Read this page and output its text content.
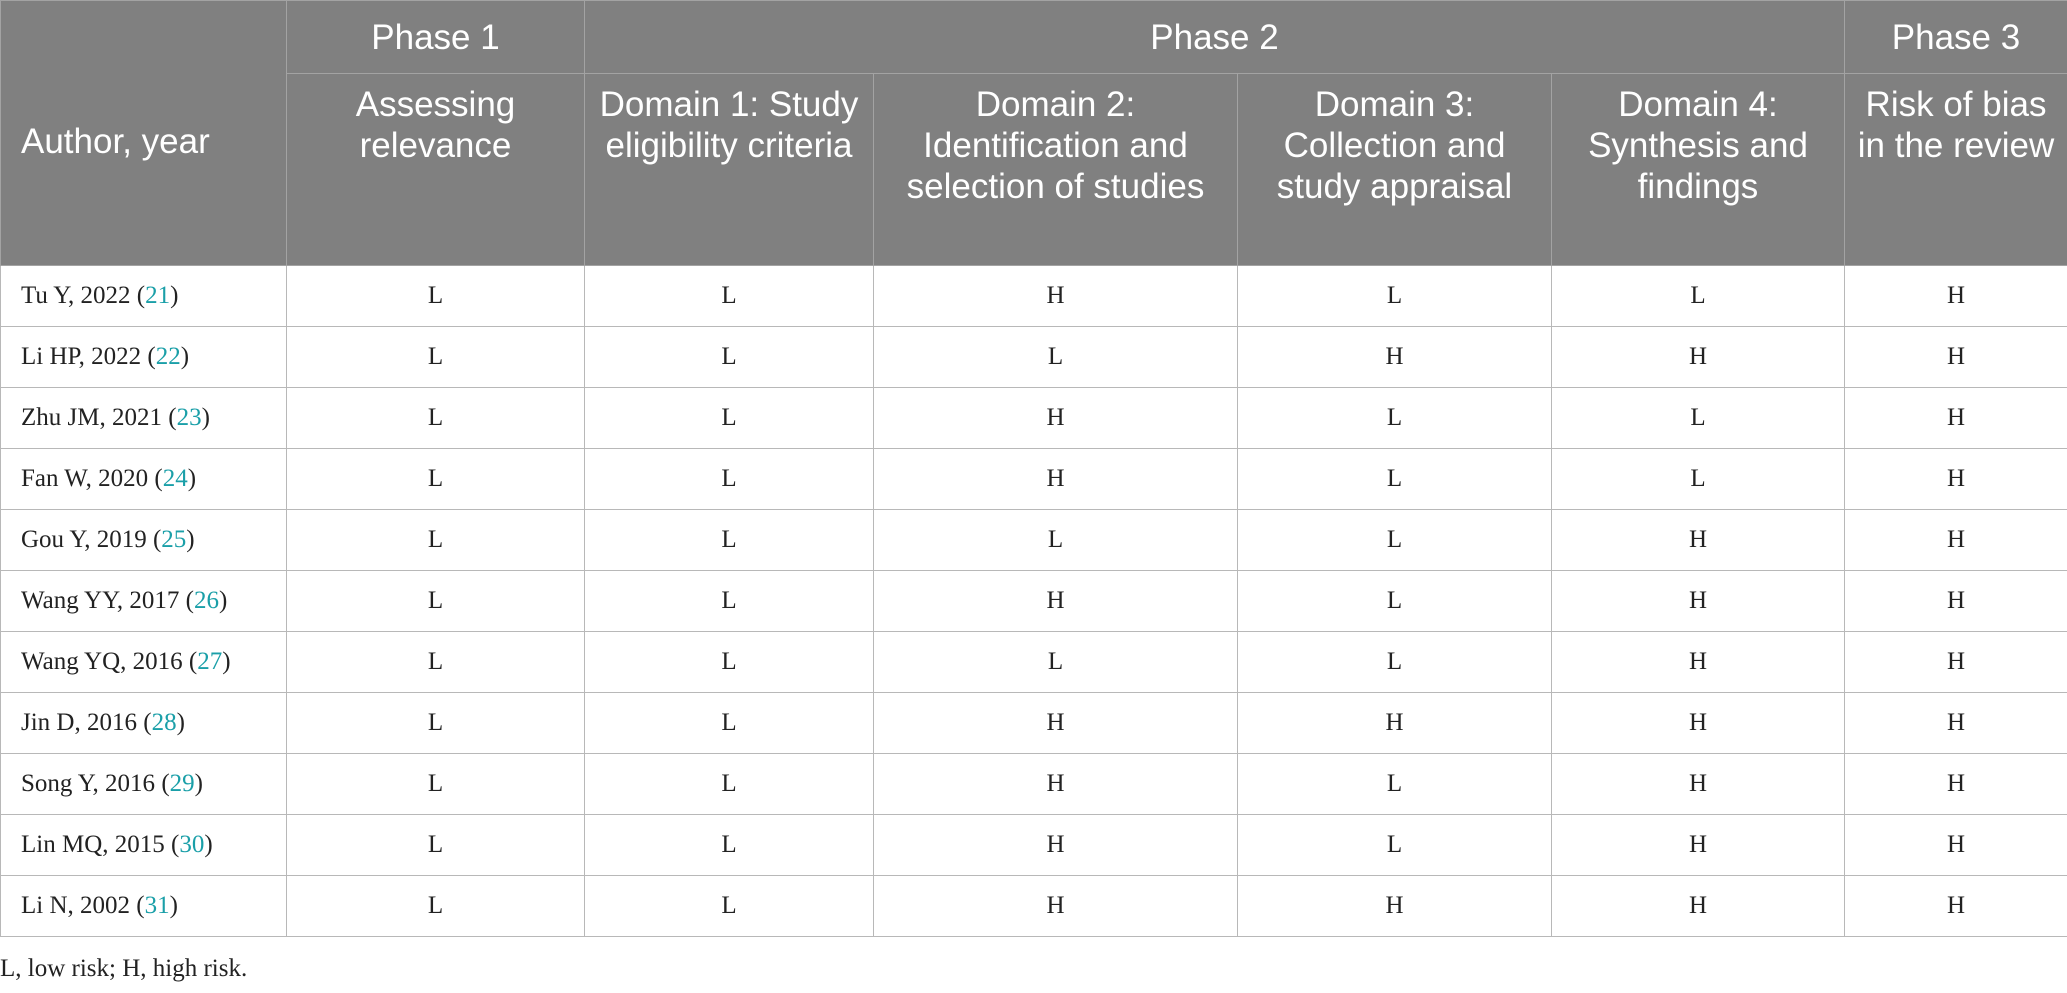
Author, year	Phase 1	Phase 2				Phase 3
	Assessing relevance	Domain 1: Study eligibility criteria	Domain 2: Identification and selection of studies	Domain 3: Collection and study appraisal	Domain 4: Synthesis and findings	Risk of bias in the review
Tu Y, 2022 (21)	L	L	H	L	L	H
Li HP, 2022 (22)	L	L	L	H	H	H
Zhu JM, 2021 (23)	L	L	H	L	L	H
Fan W, 2020 (24)	L	L	H	L	L	H
Gou Y, 2019 (25)	L	L	L	L	H	H
Wang YY, 2017 (26)	L	L	H	L	H	H
Wang YQ, 2016 (27)	L	L	L	L	H	H
Jin D, 2016 (28)	L	L	H	H	H	H
Song Y, 2016 (29)	L	L	H	L	H	H
Lin MQ, 2015 (30)	L	L	H	L	H	H
Li N, 2002 (31)	L	L	H	H	H	H
L, low risk; H, high risk.
